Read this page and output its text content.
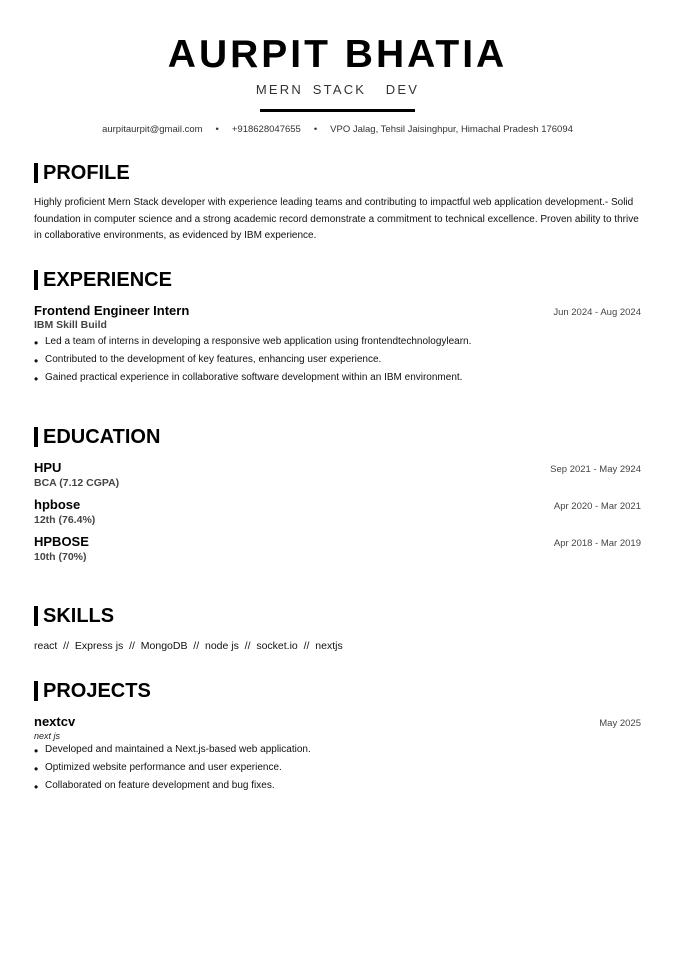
AURPIT BHATIA
MERN STACK  DEV
aurpitaurpit@gmail.com • +918628047655 • VPO Jalag, Tehsil Jaisinghpur, Himachal Pradesh 176094
PROFILE
Highly proficient Mern Stack developer with experience leading teams and contributing to impactful web application development.- Solid foundation in computer science and a strong academic record demonstrate a commitment to technical excellence. Proven ability to thrive in collaborative environments, as evidenced by IBM experience.
EXPERIENCE
Frontend Engineer Intern	Jun 2024 - Aug 2024
IBM Skill Build
• Led a team of interns in developing a responsive web application using frontendtechnologylearn.
• Contributed to the development of key features, enhancing user experience.
• Gained practical experience in collaborative software development within an IBM environment.
EDUCATION
HPU	Sep 2021 - May 2924
BCA (7.12 CGPA)
hpbose	Apr 2020 - Mar 2021
12th (76.4%)
HPBOSE	Apr 2018 - Mar 2019
10th (70%)
SKILLS
react  //  Express js  //  MongoDB  //  node js  //  socket.io  //  nextjs
PROJECTS
nextcv	May 2025
next js
• Developed and maintained a Next.js-based web application.
• Optimized website performance and user experience.
• Collaborated on feature development and bug fixes.
